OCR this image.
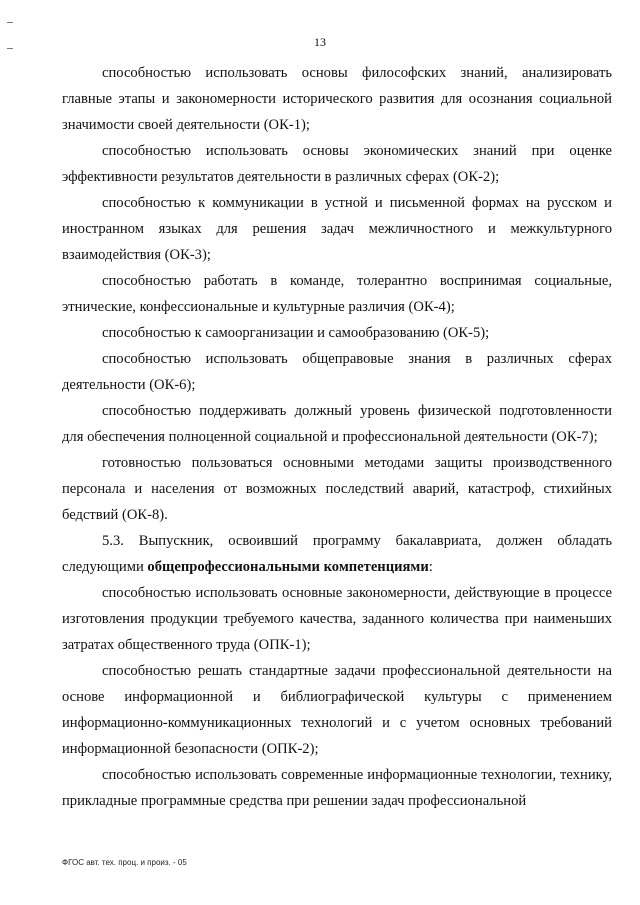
13

способностью использовать основы философских знаний, анализировать главные этапы и закономерности исторического развития для осознания социальной значимости своей деятельности (ОК-1);

способностью использовать основы экономических знаний при оценке эффективности результатов деятельности в различных сферах (ОК-2);

способностью к коммуникации в устной и письменной формах на русском и иностранном языках для решения задач межличностного и межкультурного взаимодействия (ОК-3);

способностью работать в команде, толерантно воспринимая социальные, этнические, конфессиональные и культурные различия (ОК-4);

способностью к самоорганизации и самообразованию (ОК-5);

способностью использовать общеправовые знания в различных сферах деятельности (ОК-6);

способностью поддерживать должный уровень физической подготовленности для обеспечения полноценной социальной и профессиональной деятельности (ОК-7);

готовностью пользоваться основными методами защиты производственного персонала и населения от возможных последствий аварий, катастроф, стихийных бедствий (ОК-8).

5.3. Выпускник, освоивший программу бакалавриата, должен обладать следующими общепрофессиональными компетенциями:

способностью использовать основные закономерности, действующие в процессе изготовления продукции требуемого качества, заданного количества при наименьших затратах общественного труда (ОПК-1);

способностью решать стандартные задачи профессиональной деятельности на основе информационной и библиографической культуры с применением информационно-коммуникационных технологий и с учетом основных требований информационной безопасности (ОПК-2);

способностью использовать современные информационные технологии, технику, прикладные программные средства при решении задач профессиональной

ФГОС авт. тех. проц. и произ. - 05
